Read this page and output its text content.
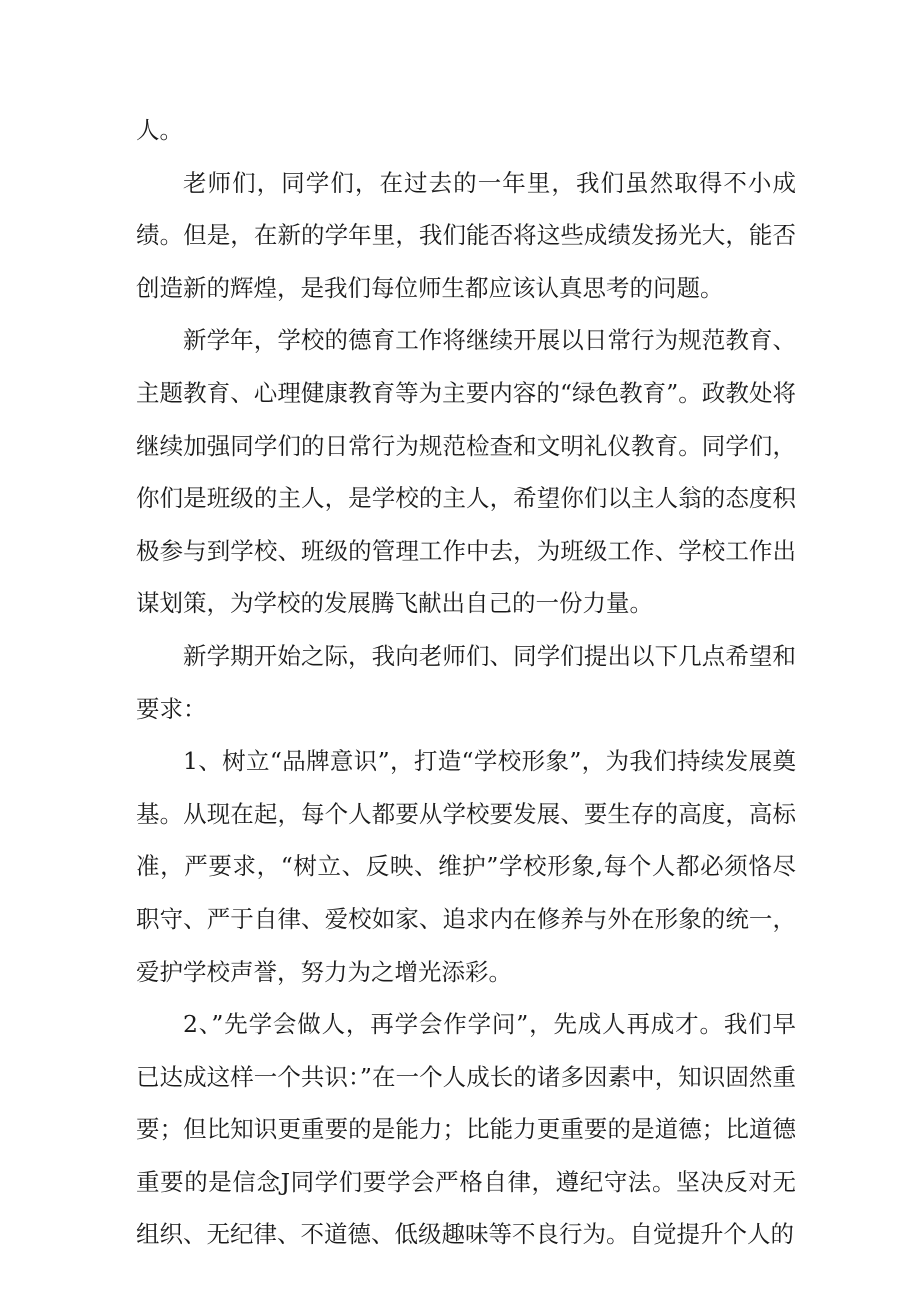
人。

老师们，同学们，在过去的一年里，我们虽然取得不小成绩。但是，在新的学年里，我们能否将这些成绩发扬光大，能否创造新的辉煌，是我们每位师生都应该认真思考的问题。

新学年，学校的德育工作将继续开展以日常行为规范教育、主题教育、心理健康教育等为主要内容的“绿色教育”。政教处将继续加强同学们的日常行为规范检查和文明礼仪教育。同学们，你们是班级的主人，是学校的主人，希望你们以主人翁的态度积极参与到学校、班级的管理工作中去，为班级工作、学校工作出谋划策，为学校的发展腾飞献出自己的一份力量。

新学期开始之际，我向老师们、同学们提出以下几点希望和要求：

1、树立“品牌意识”，打造“学校形象”，为我们持续发展奠基。从现在起，每个人都要从学校要发展、要生存的高度，高标准，严要求，“树立、反映、维护”学校形象,每个人都必须恪尽职守、严于自律、爱校如家、追求内在修养与外在形象的统一，爱护学校声誉，努力为之增光添彩。

2、”先学会做人，再学会作学问”，先成人再成才。我们早已达成这样一个共识：”在一个人成长的诸多因素中，知识固然重要；但比知识更重要的是能力；比能力更重要的是道德；比道德重要的是信念J同学们要学会严格自律，遵纪守法。坚决反对无组织、无纪律、不道德、低级趣味等不良行为。自觉提升个人的
